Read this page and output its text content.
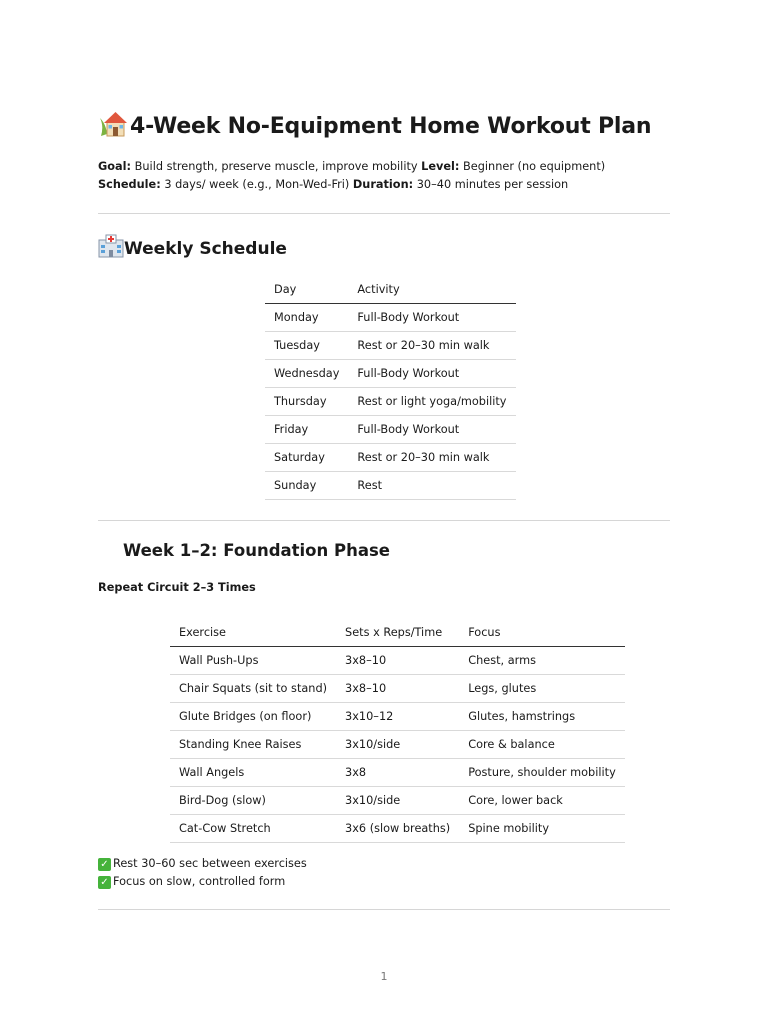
4-Week No-Equipment Home Workout Plan

Goal: Build strength, preserve muscle, improve mobility Level: Beginner (no equipment) Schedule: 3 days/ week (e.g., Mon-Wed-Fri) Duration: 30–40 minutes per session

Weekly Schedule
Day	Activity
Monday	Full-Body Workout
Tuesday	Rest or 20–30 min walk
Wednesday	Full-Body Workout
Thursday	Rest or light yoga/mobility
Friday	Full-Body Workout
Saturday	Rest or 20–30 min walk
Sunday	Rest
Week 1–2: Foundation Phase
Repeat Circuit 2–3 Times
Exercise	Sets x Reps/Time	Focus
Wall Push-Ups	3x8–10	Chest, arms
Chair Squats (sit to stand)	3x8–10	Legs, glutes
Glute Bridges (on floor)	3x10–12	Glutes, hamstrings
Standing Knee Raises	3x10/side	Core & balance
Wall Angels	3x8	Posture, shoulder mobility
Bird-Dog (slow)	3x10/side	Core, lower back
Cat-Cow Stretch	3x6 (slow breaths)	Spine mobility
✓ Rest 30–60 sec between exercises
✓ Focus on slow, controlled form
1
